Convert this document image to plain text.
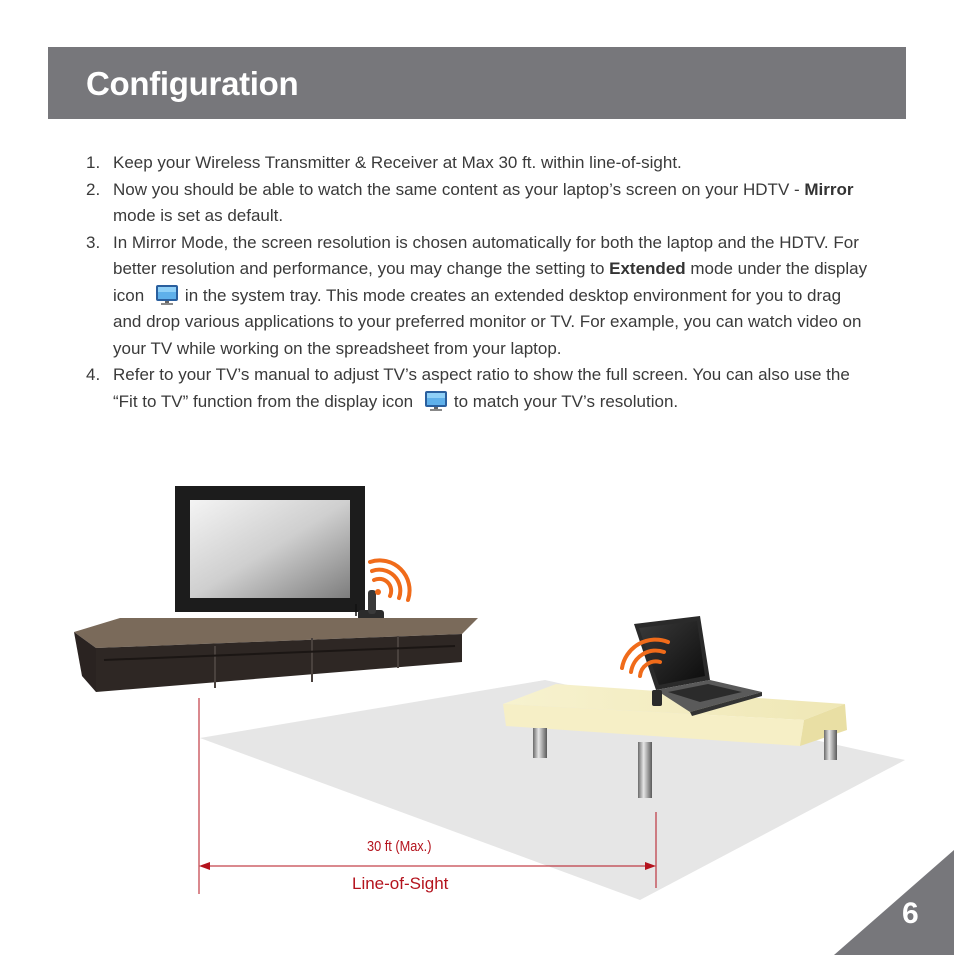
Configuration
1. Keep your Wireless Transmitter & Receiver at Max 30 ft. within line-of-sight.
2. Now you should be able to watch the same content as your laptop’s screen on your HDTV - Mirror mode is set as default.
3. In Mirror Mode, the screen resolution is chosen automatically for both the laptop and the HDTV. For better resolution and performance, you may change the setting to Extended mode under the display icon in the system tray. This mode creates an extended desktop environment for you to drag and drop various applications to your preferred monitor or TV. For example, you can watch video on your TV while working on the spreadsheet from your laptop.
4. Refer to your TV’s manual to adjust TV’s aspect ratio to show the full screen. You can also use the “Fit to TV” function from the display icon to match your TV’s resolution.
30 ft (Max.)
Line-of-Sight
6
